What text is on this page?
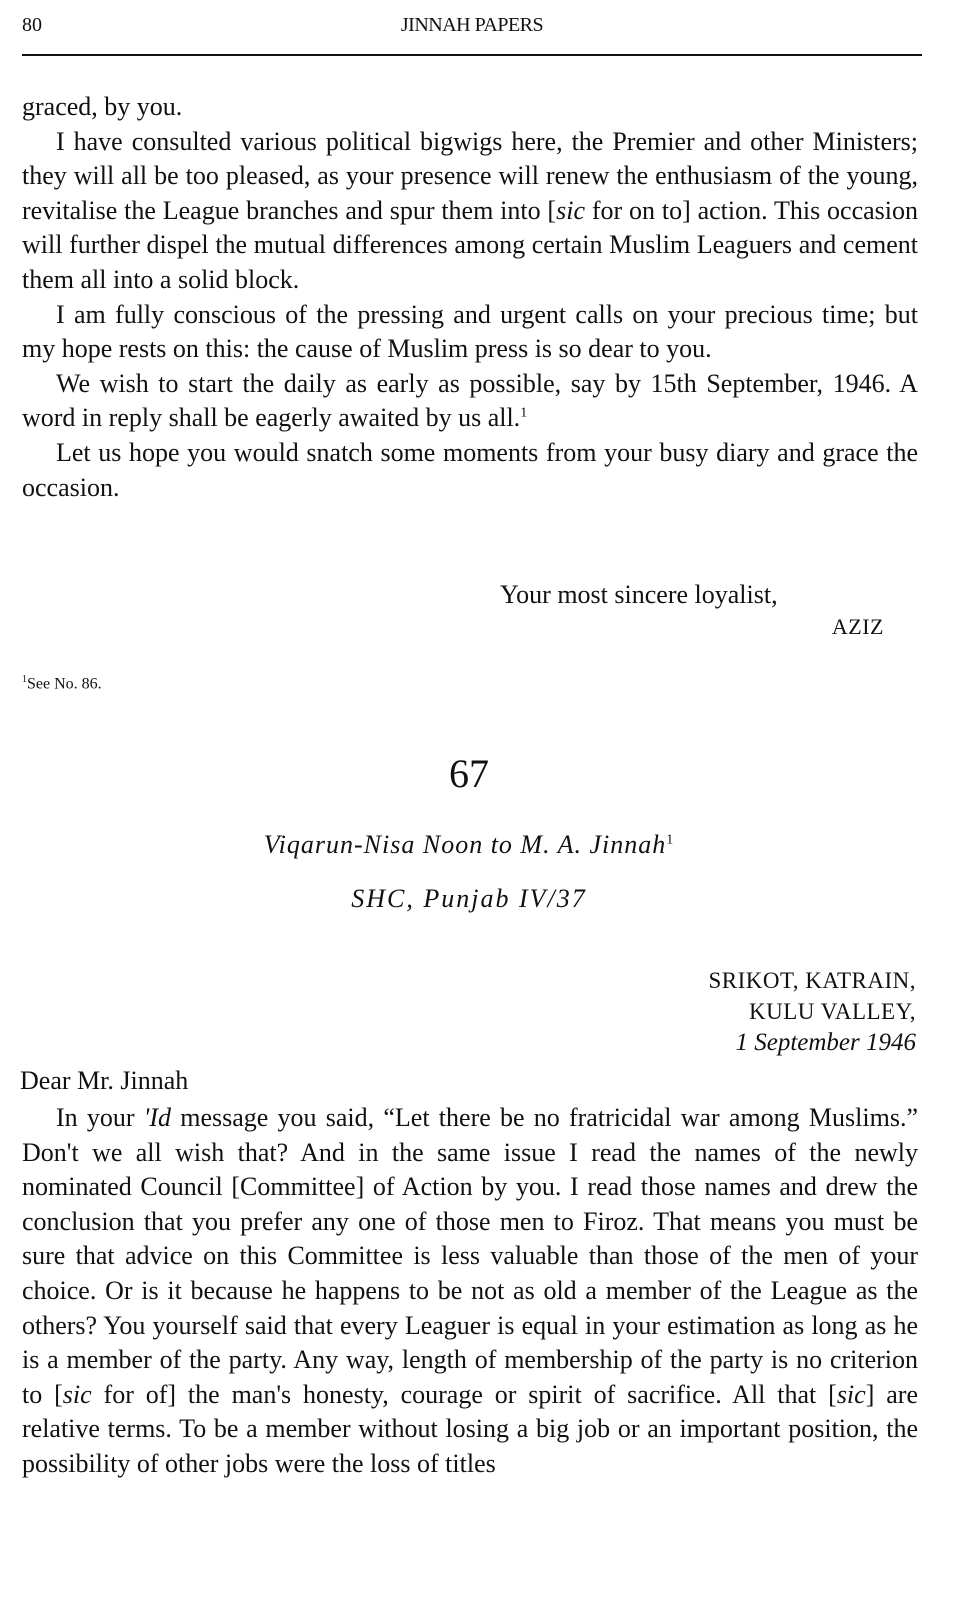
80	JINNAH PAPERS

graced, by you.

I have consulted various political bigwigs here, the Premier and other Ministers; they will all be too pleased, as your presence will renew the enthusiasm of the young, revitalise the League branches and spur them into [sic for on to] action. This occasion will further dispel the mutual differences among certain Muslim Leaguers and cement them all into a solid block.

I am fully conscious of the pressing and urgent calls on your precious time; but my hope rests on this: the cause of Muslim press is so dear to you.

We wish to start the daily as early as possible, say by 15th September, 1946. A word in reply shall be eagerly awaited by us all.$^1$

Let us hope you would snatch some moments from your busy diary and grace the occasion.

Your most sincere loyalist,
AZIZ
$^1$See No. 86.
67
Viqarun-Nisa Noon to M. A. Jinnah$^1$
SHC, Punjab IV/37
SRIKOT, KATRAIN,
KULU VALLEY,
1 September 1946
Dear Mr. Jinnah

In your 'Id message you said, “Let there be no fratricidal war among Muslims.” Don't we all wish that? And in the same issue I read the names of the newly nominated Council [Committee] of Action by you. I read those names and drew the conclusion that you prefer any one of those men to Firoz. That means you must be sure that advice on this Committee is less valuable than those of the men of your choice. Or is it because he happens to be not as old a member of the League as the others? You yourself said that every Leaguer is equal in your estimation as long as he is a member of the party. Any way, length of membership of the party is no criterion to [sic for of] the man's honesty, courage or spirit of sacrifice. All that [sic] are relative terms. To be a member without losing a big job or an important position, the possibility of other jobs were the loss of titles
